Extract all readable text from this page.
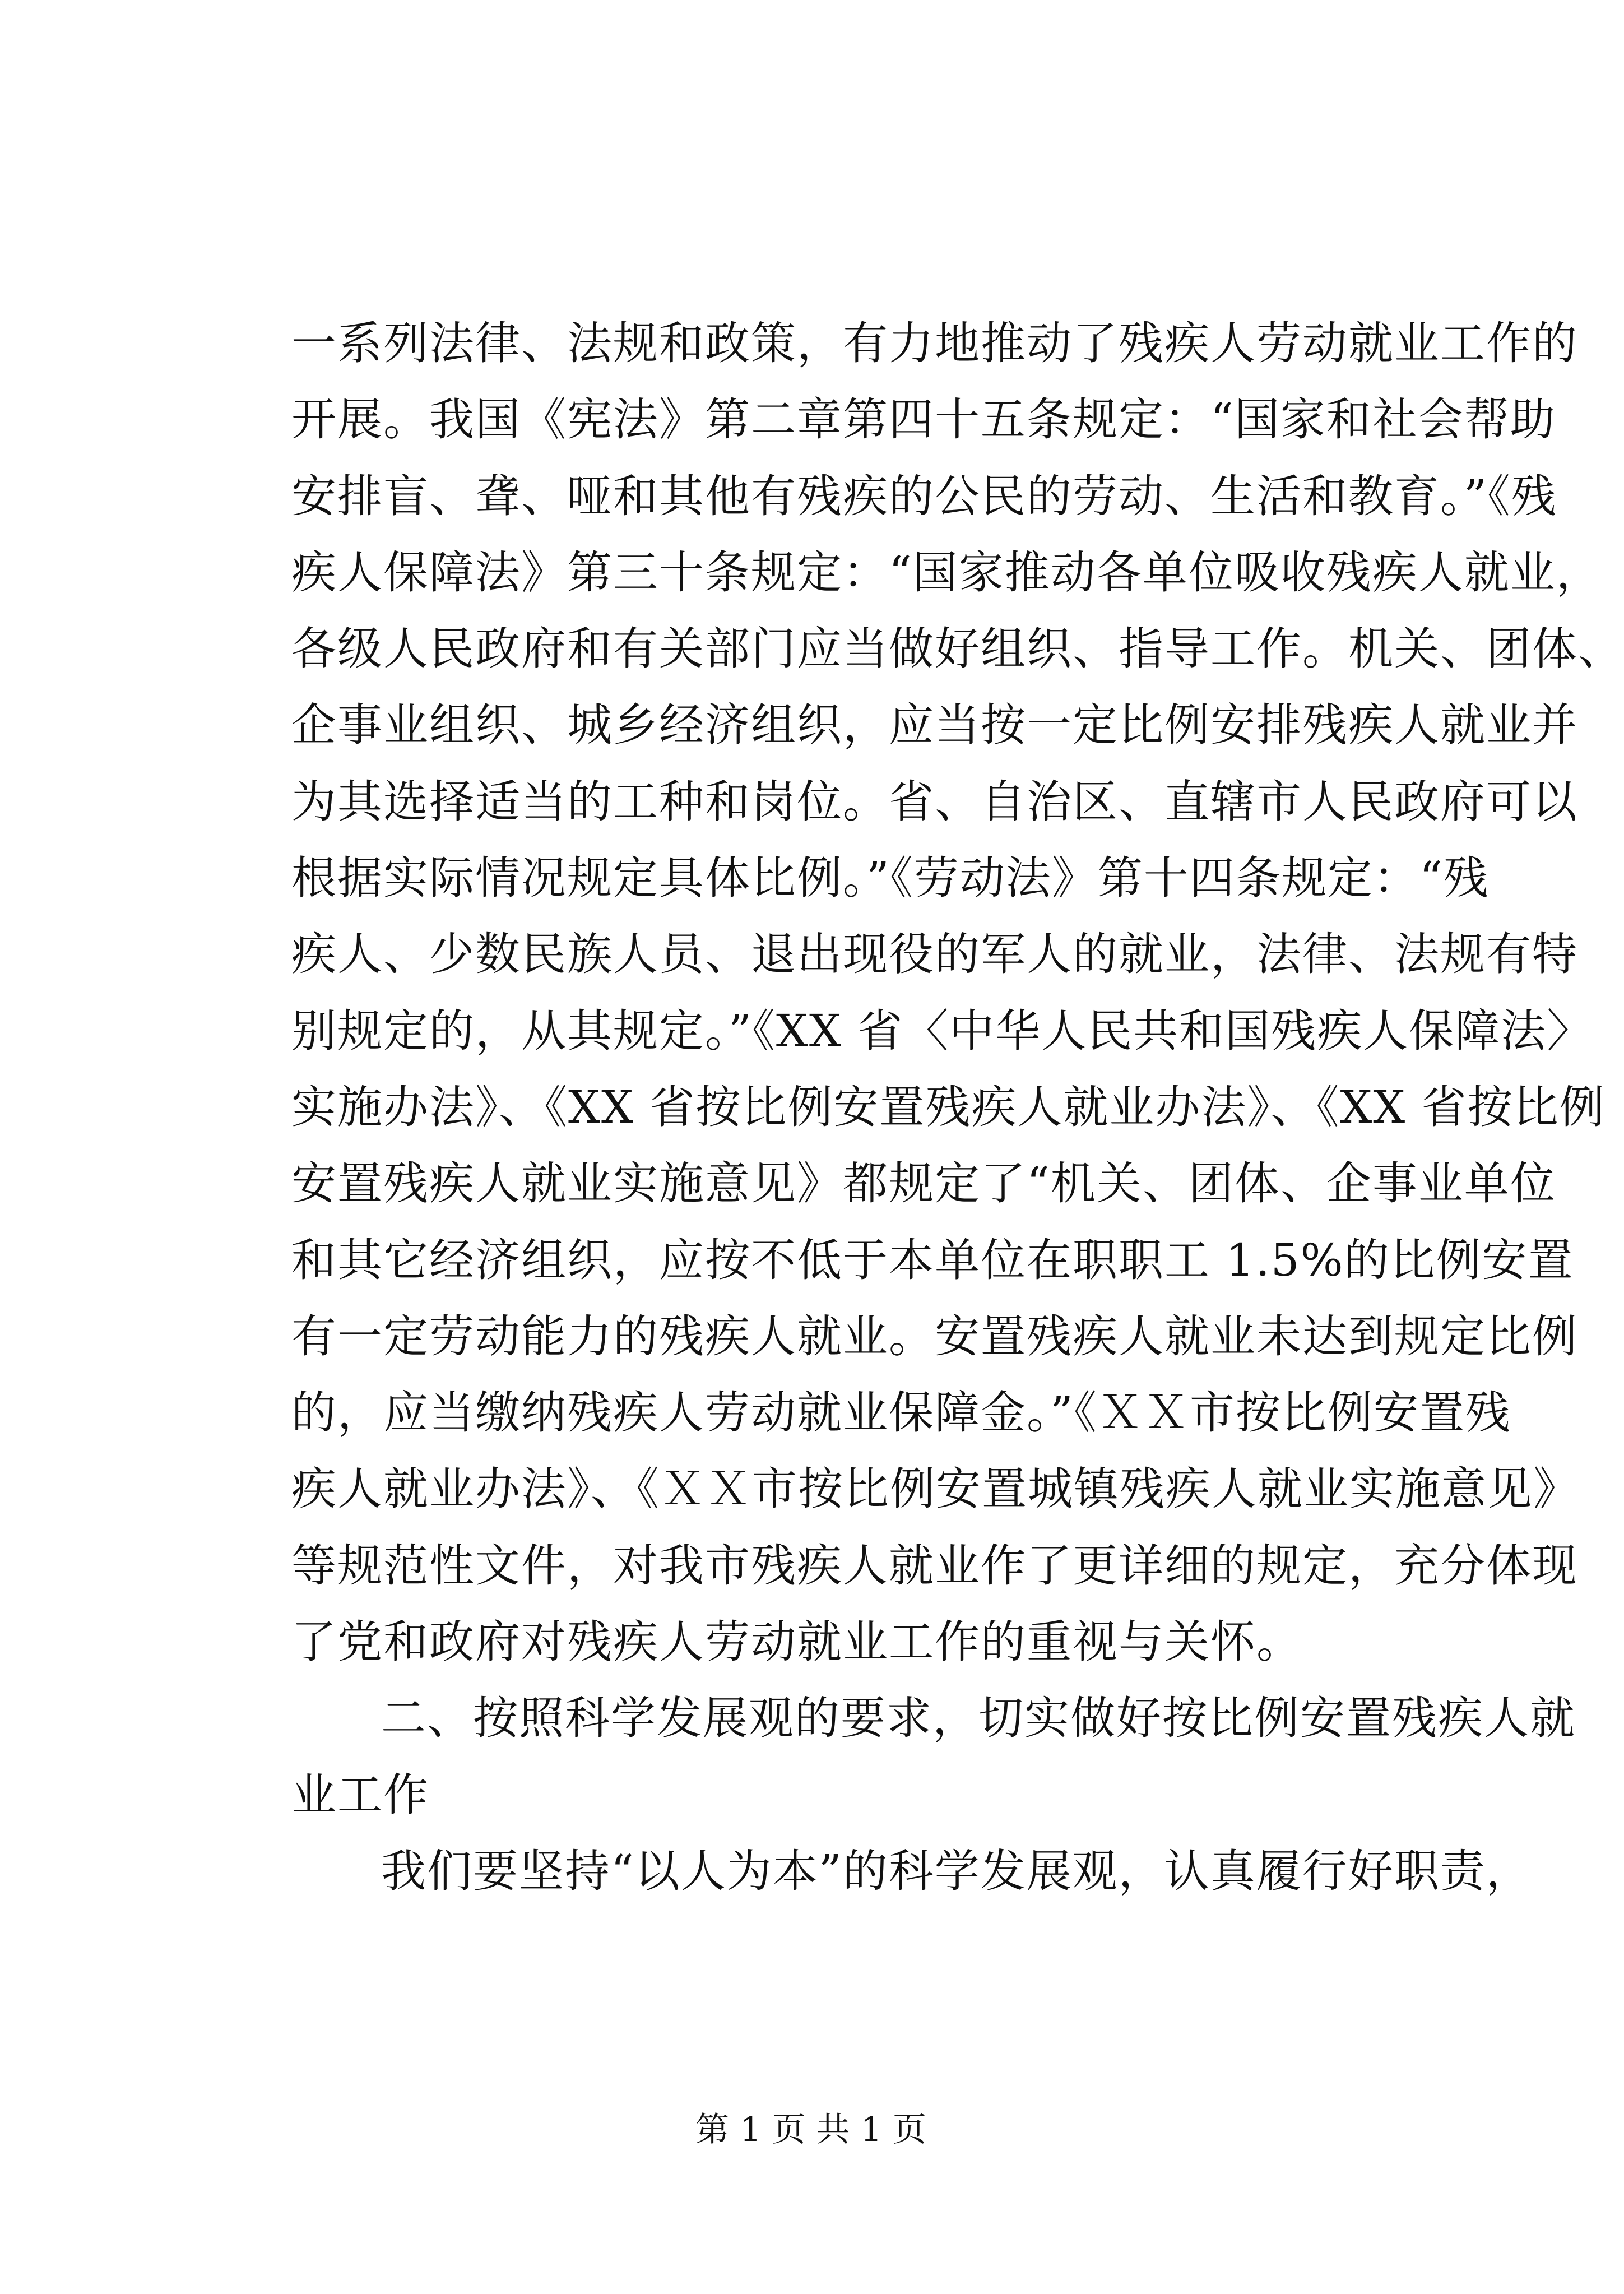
一系列法律、法规和政策，有力地推动了残疾人劳动就业工作的
开展。我国《宪法》第二章第四十五条规定：“国家和社会帮助
安排盲、聋、哑和其他有残疾的公民的劳动、生活和教育。”《残
疾人保障法》第三十条规定：“国家推动各单位吸收残疾人就业，
各级人民政府和有关部门应当做好组织、指导工作。机关、团体、
企事业组织、城乡经济组织，应当按一定比例安排残疾人就业并
为其选择适当的工种和岗位。省、自治区、直辖市人民政府可以
根据实际情况规定具体比例。”《劳动法》第十四条规定：“残
疾人、少数民族人员、退出现役的军人的就业，法律、法规有特
别规定的，从其规定。”《XX 省〈中华人民共和国残疾人保障法〉
实施办法》、《XX 省按比例安置残疾人就业办法》、《XX 省按比例
安置残疾人就业实施意见》都规定了“机关、团体、企事业单位
和其它经济组织，应按不低于本单位在职职工 1.5%的比例安置
有一定劳动能力的残疾人就业。安置残疾人就业未达到规定比例
的，应当缴纳残疾人劳动就业保障金。”《ＸＸ市按比例安置残
疾人就业办法》、《ＸＸ市按比例安置城镇残疾人就业实施意见》
等规范性文件，对我市残疾人就业作了更详细的规定，充分体现
了党和政府对残疾人劳动就业工作的重视与关怀。
二、按照科学发展观的要求，切实做好按比例安置残疾人就
业工作
我们要坚持“以人为本”的科学发展观，认真履行好职责，
第 1 页 共 1 页
